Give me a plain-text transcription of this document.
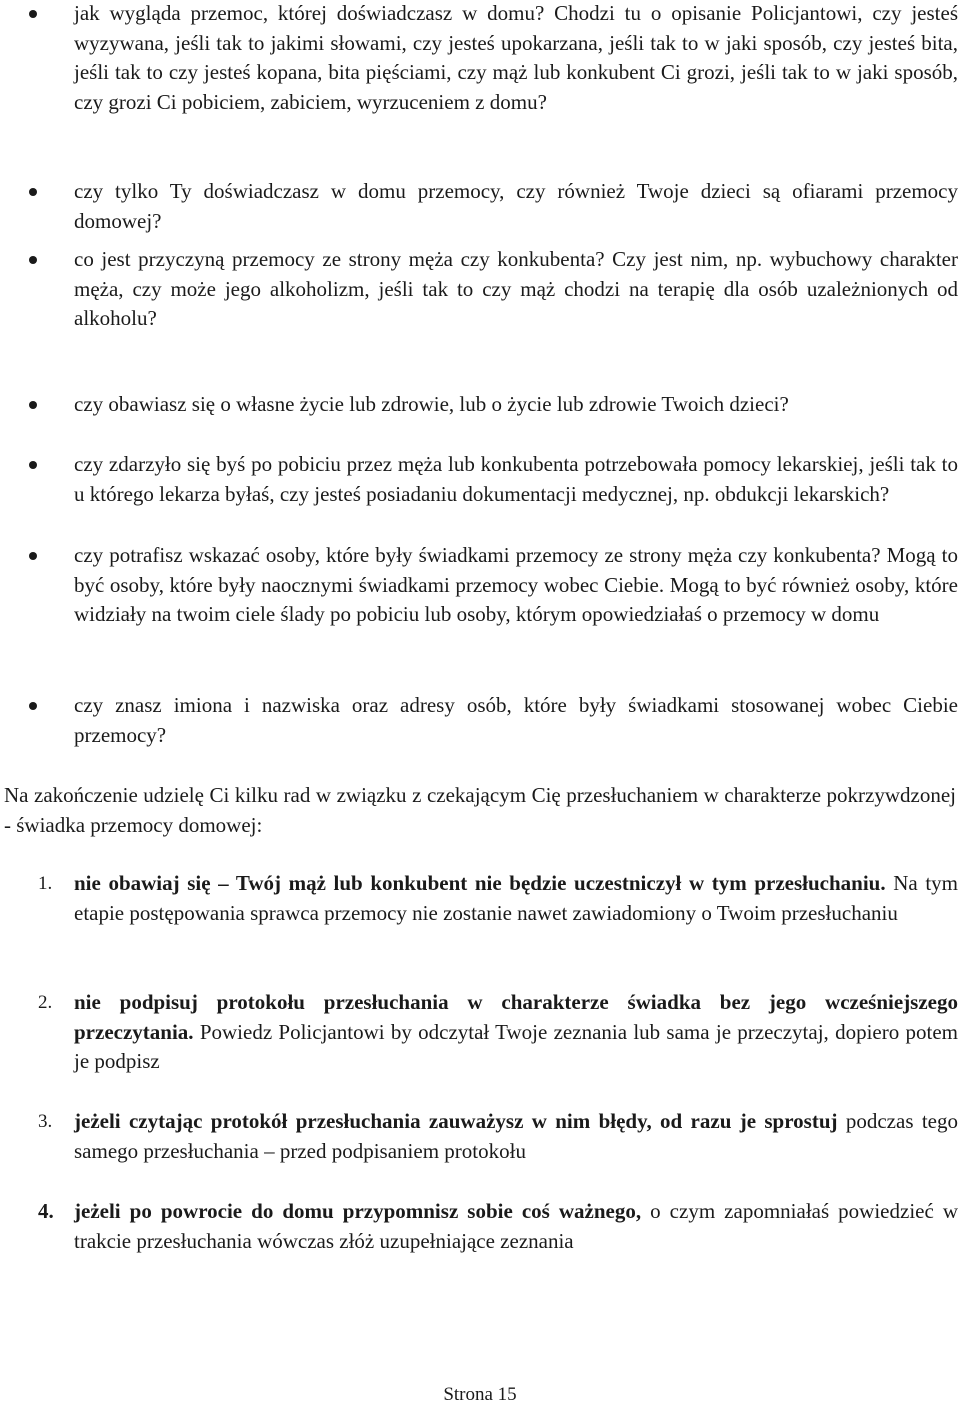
jak wygląda przemoc, której doświadczasz w domu? Chodzi tu o opisanie Policjantowi, czy jesteś wyzywana, jeśli tak to jakimi słowami, czy jesteś upokarzana, jeśli tak to w jaki sposób, czy jesteś bita, jeśli tak to czy jesteś kopana, bita pięściami, czy mąż lub konkubent Ci grozi, jeśli tak to w jaki sposób, czy grozi Ci pobiciem, zabiciem, wyrzuceniem z domu?
czy tylko Ty doświadczasz w domu przemocy, czy również Twoje dzieci są ofiarami przemocy domowej?
co jest przyczyną przemocy ze strony męża czy konkubenta? Czy jest nim, np. wybuchowy charakter męża, czy może jego alkoholizm, jeśli tak to czy mąż chodzi na terapię dla osób uzależnionych od alkoholu?
czy obawiasz się o własne życie lub zdrowie, lub o życie lub zdrowie Twoich dzieci?
czy zdarzyło się byś po pobiciu przez męża lub konkubenta potrzebowała pomocy lekarskiej, jeśli tak to u którego lekarza byłaś, czy jesteś posiadaniu dokumentacji medycznej, np. obdukcji lekarskich?
czy potrafisz wskazać osoby, które były świadkami przemocy ze strony męża czy konkubenta? Mogą to być osoby, które były naocznymi świadkami przemocy wobec Ciebie. Mogą to być również osoby, które widziały na twoim ciele ślady po pobiciu lub osoby, którym opowiedziałaś o przemocy w domu
czy znasz imiona i nazwiska oraz adresy osób, które były świadkami stosowanej wobec Ciebie przemocy?
Na zakończenie udzielę Ci kilku rad w związku z czekającym Cię przesłuchaniem w charakterze pokrzywdzonej - świadka przemocy domowej:
1. nie obawiaj się – Twój mąż lub konkubent nie będzie uczestniczył w tym przesłuchaniu. Na tym etapie postępowania sprawca przemocy nie zostanie nawet zawiadomiony o Twoim przesłuchaniu
2. nie podpisuj protokołu przesłuchania w charakterze świadka bez jego wcześniejszego przeczytania. Powiedz Policjantowi by odczytał Twoje zeznania lub sama je przeczytaj, dopiero potem je podpisz
3. jeżeli czytając protokół przesłuchania zauważysz w nim błędy, od razu je sprostuj podczas tego samego przesłuchania – przed podpisaniem protokołu
4. jeżeli po powrocie do domu przypomnisz sobie coś ważnego, o czym zapomniałaś powiedzieć w trakcie przesłuchania wówczas złóż uzupełniające zeznania
Strona 15
